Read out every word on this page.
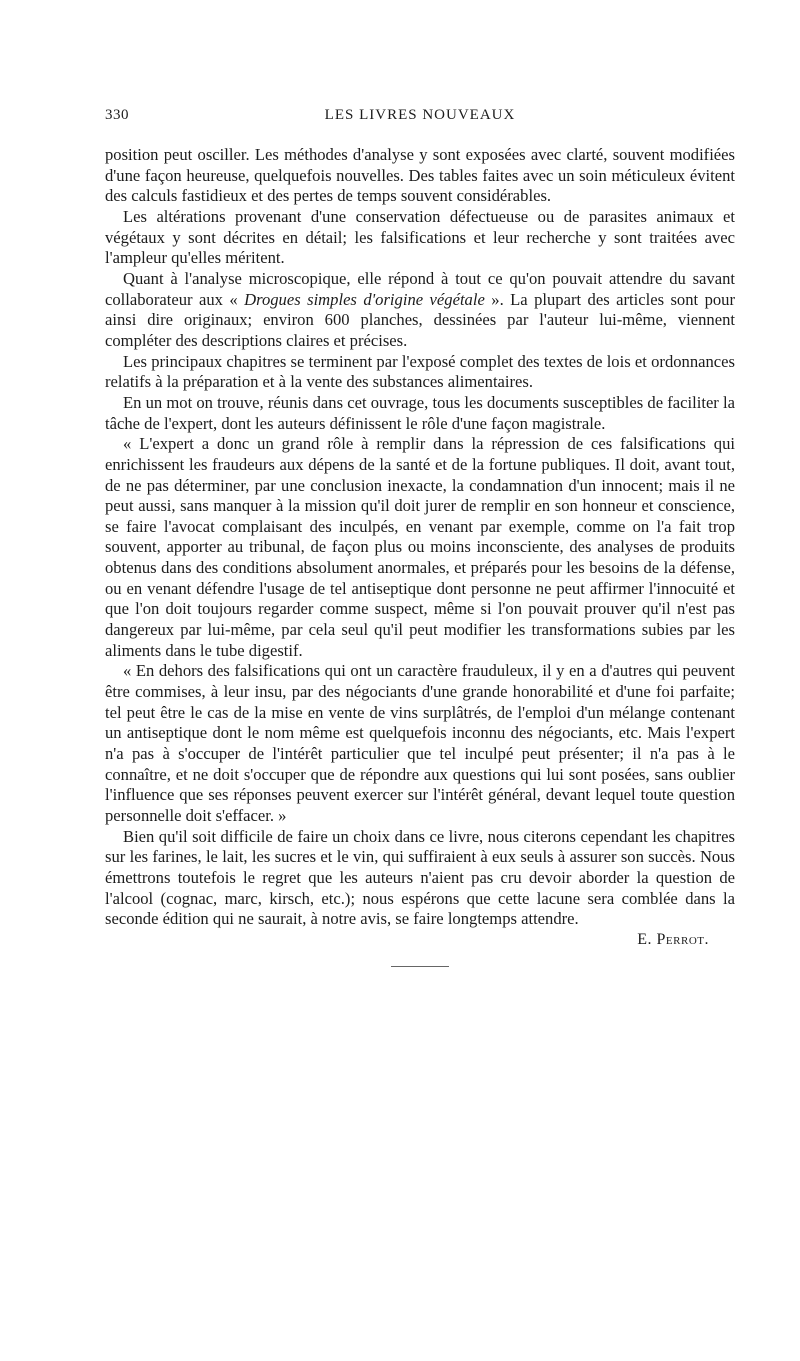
330	LES LIVRES NOUVEAUX

position peut osciller. Les méthodes d'analyse y sont exposées avec clarté, souvent modifiées d'une façon heureuse, quelquefois nouvelles. Des tables faites avec un soin méticuleux évitent des calculs fastidieux et des pertes de temps souvent considérables.

Les altérations provenant d'une conservation défectueuse ou de parasites animaux et végétaux y sont décrites en détail; les falsifications et leur recherche y sont traitées avec l'ampleur qu'elles méritent.

Quant à l'analyse microscopique, elle répond à tout ce qu'on pouvait attendre du savant collaborateur aux « Drogues simples d'origine végétale ». La plupart des articles sont pour ainsi dire originaux; environ 600 planches, dessinées par l'auteur lui-même, viennent compléter des descriptions claires et précises.

Les principaux chapitres se terminent par l'exposé complet des textes de lois et ordonnances relatifs à la préparation et à la vente des substances alimentaires.

En un mot on trouve, réunis dans cet ouvrage, tous les documents susceptibles de faciliter la tâche de l'expert, dont les auteurs définissent le rôle d'une façon magistrale.

« L'expert a donc un grand rôle à remplir dans la répression de ces falsifications qui enrichissent les fraudeurs aux dépens de la santé et de la fortune publiques. Il doit, avant tout, de ne pas déterminer, par une conclusion inexacte, la condamnation d'un innocent; mais il ne peut aussi, sans manquer à la mission qu'il doit jurer de remplir en son honneur et conscience, se faire l'avocat complaisant des inculpés, en venant par exemple, comme on l'a fait trop souvent, apporter au tribunal, de façon plus ou moins inconsciente, des analyses de produits obtenus dans des conditions absolument anormales, et préparés pour les besoins de la défense, ou en venant défendre l'usage de tel antiseptique dont personne ne peut affirmer l'innocuité et que l'on doit toujours regarder comme suspect, même si l'on pouvait prouver qu'il n'est pas dangereux par lui-même, par cela seul qu'il peut modifier les transformations subies par les aliments dans le tube digestif.

« En dehors des falsifications qui ont un caractère frauduleux, il y en a d'autres qui peuvent être commises, à leur insu, par des négociants d'une grande honorabilité et d'une foi parfaite; tel peut être le cas de la mise en vente de vins surplâtrés, de l'emploi d'un mélange contenant un antiseptique dont le nom même est quelquefois inconnu des négociants, etc. Mais l'expert n'a pas à s'occuper de l'intérêt particulier que tel inculpé peut présenter; il n'a pas à le connaître, et ne doit s'occuper que de répondre aux questions qui lui sont posées, sans oublier l'influence que ses réponses peuvent exercer sur l'intérêt général, devant lequel toute question personnelle doit s'effacer. »

Bien qu'il soit difficile de faire un choix dans ce livre, nous citerons cependant les chapitres sur les farines, le lait, les sucres et le vin, qui suffiraient à eux seuls à assurer son succès. Nous émettrons toutefois le regret que les auteurs n'aient pas cru devoir aborder la question de l'alcool (cognac, marc, kirsch, etc.); nous espérons que cette lacune sera comblée dans la seconde édition qui ne saurait, à notre avis, se faire longtemps attendre.

E. Perrot.
